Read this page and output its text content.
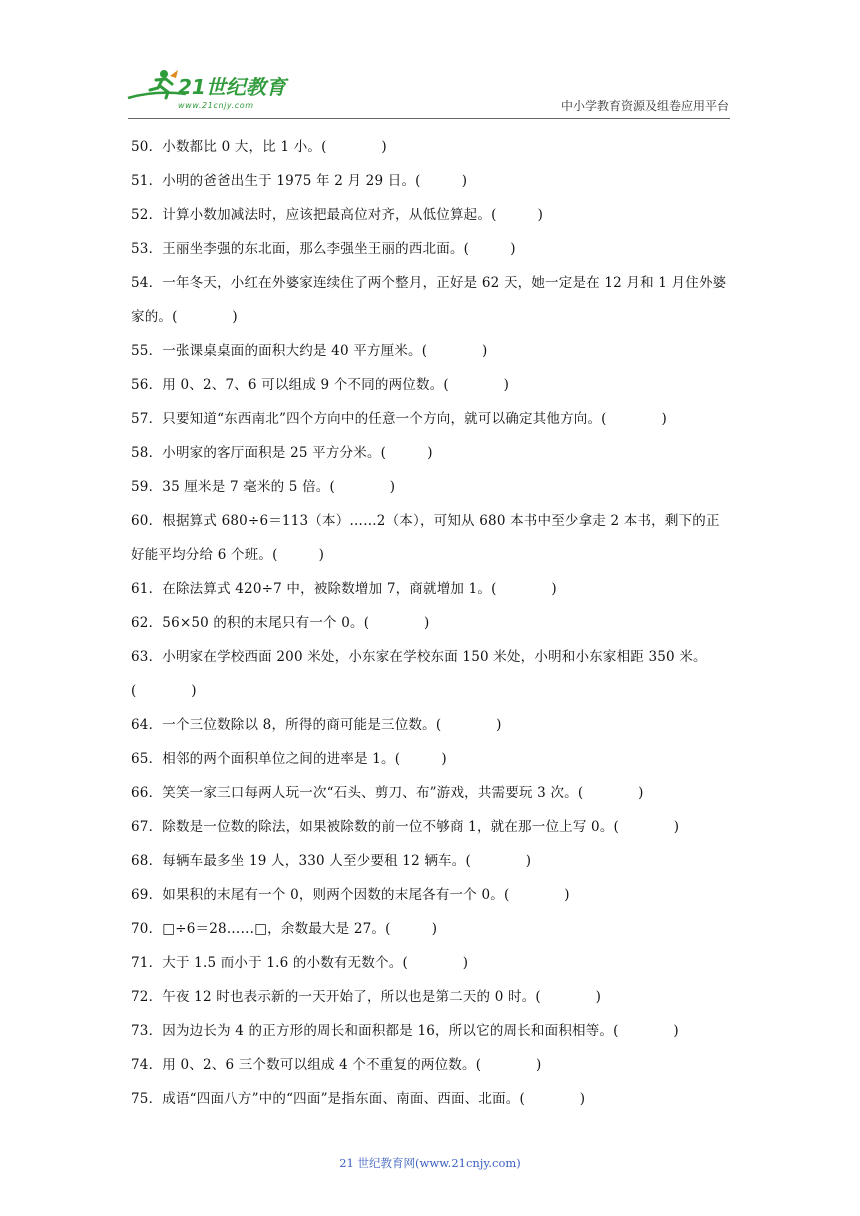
21世纪教育
www.21cnjy.com	中小学教育资源及组卷应用平台

50．小数都比 0 大，比 1 小。(　　　　)

51．小明的爸爸出生于 1975 年 2 月 29 日。(　　　)

52．计算小数加减法时，应该把最高位对齐，从低位算起。(　　　)

53．王丽坐李强的东北面，那么李强坐王丽的西北面。(　　　)

54．一年冬天，小红在外婆家连续住了两个整月，正好是 62 天，她一定是在 12 月和 1 月住外婆家的。(　　　　)

55．一张课桌桌面的面积大约是 40 平方厘米。(　　　　)

56．用 0、2、7、6 可以组成 9 个不同的两位数。(　　　　)

57．只要知道“东西南北”四个方向中的任意一个方向，就可以确定其他方向。(　　　　)

58．小明家的客厅面积是 25 平方分米。(　　　)

59．35 厘米是 7 毫米的 5 倍。(　　　　)

60．根据算式 680÷6＝113（本）……2（本），可知从 680 本书中至少拿走 2 本书，剩下的正好能平均分给 6 个班。(　　　)

61．在除法算式 420÷7 中，被除数增加 7，商就增加 1。(　　　　)

62．56×50 的积的末尾只有一个 0。(　　　　)

63．小明家在学校西面 200 米处，小东家在学校东面 150 米处，小明和小东家相距 350 米。(　　　　)

64．一个三位数除以 8，所得的商可能是三位数。(　　　　)

65．相邻的两个面积单位之间的进率是 1。(　　　)

66．笑笑一家三口每两人玩一次“石头、剪刀、布”游戏，共需要玩 3 次。(　　　　)

67．除数是一位数的除法，如果被除数的前一位不够商 1，就在那一位上写 0。(　　　　)

68．每辆车最多坐 19 人，330 人至少要租 12 辆车。(　　　　)

69．如果积的末尾有一个 0，则两个因数的末尾各有一个 0。(　　　　)

70．□÷6＝28……□，余数最大是 27。(　　　)

71．大于 1.5 而小于 1.6 的小数有无数个。(　　　　)

72．午夜 12 时也表示新的一天开始了，所以也是第二天的 0 时。(　　　　)

73．因为边长为 4 的正方形的周长和面积都是 16，所以它的周长和面积相等。(　　　　)

74．用 0、2、6 三个数可以组成 4 个不重复的两位数。(　　　　)

75．成语“四面八方”中的“四面”是指东面、南面、西面、北面。(　　　　)

21 世纪教育网(www.21cnjy.com)
